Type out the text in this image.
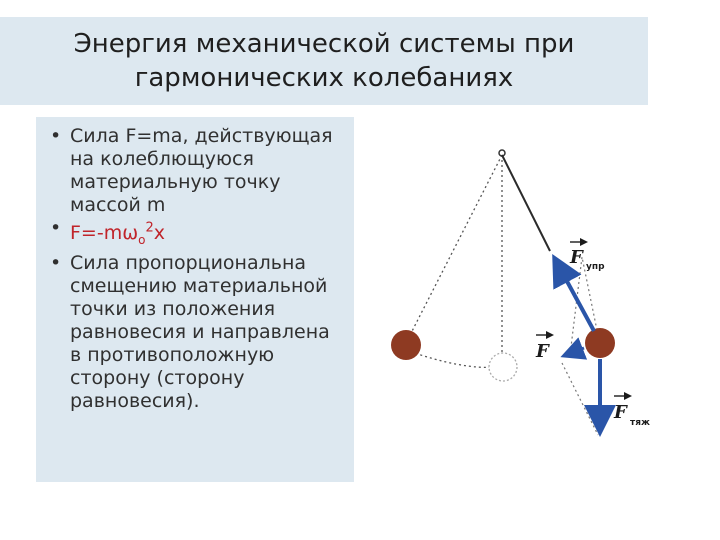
Энергия механической системы при
гармонических колебаниях
• Сила F=ma, действующая
на колеблющуюся
материальную точку
массой m
• $F=-m\omega_o^2x$
• Сила пропорциональна
смещению материальной
точки из положения
равновесия и направлена
в противоположную
сторону (сторону
равновесия).
F упр
F
F тяж
